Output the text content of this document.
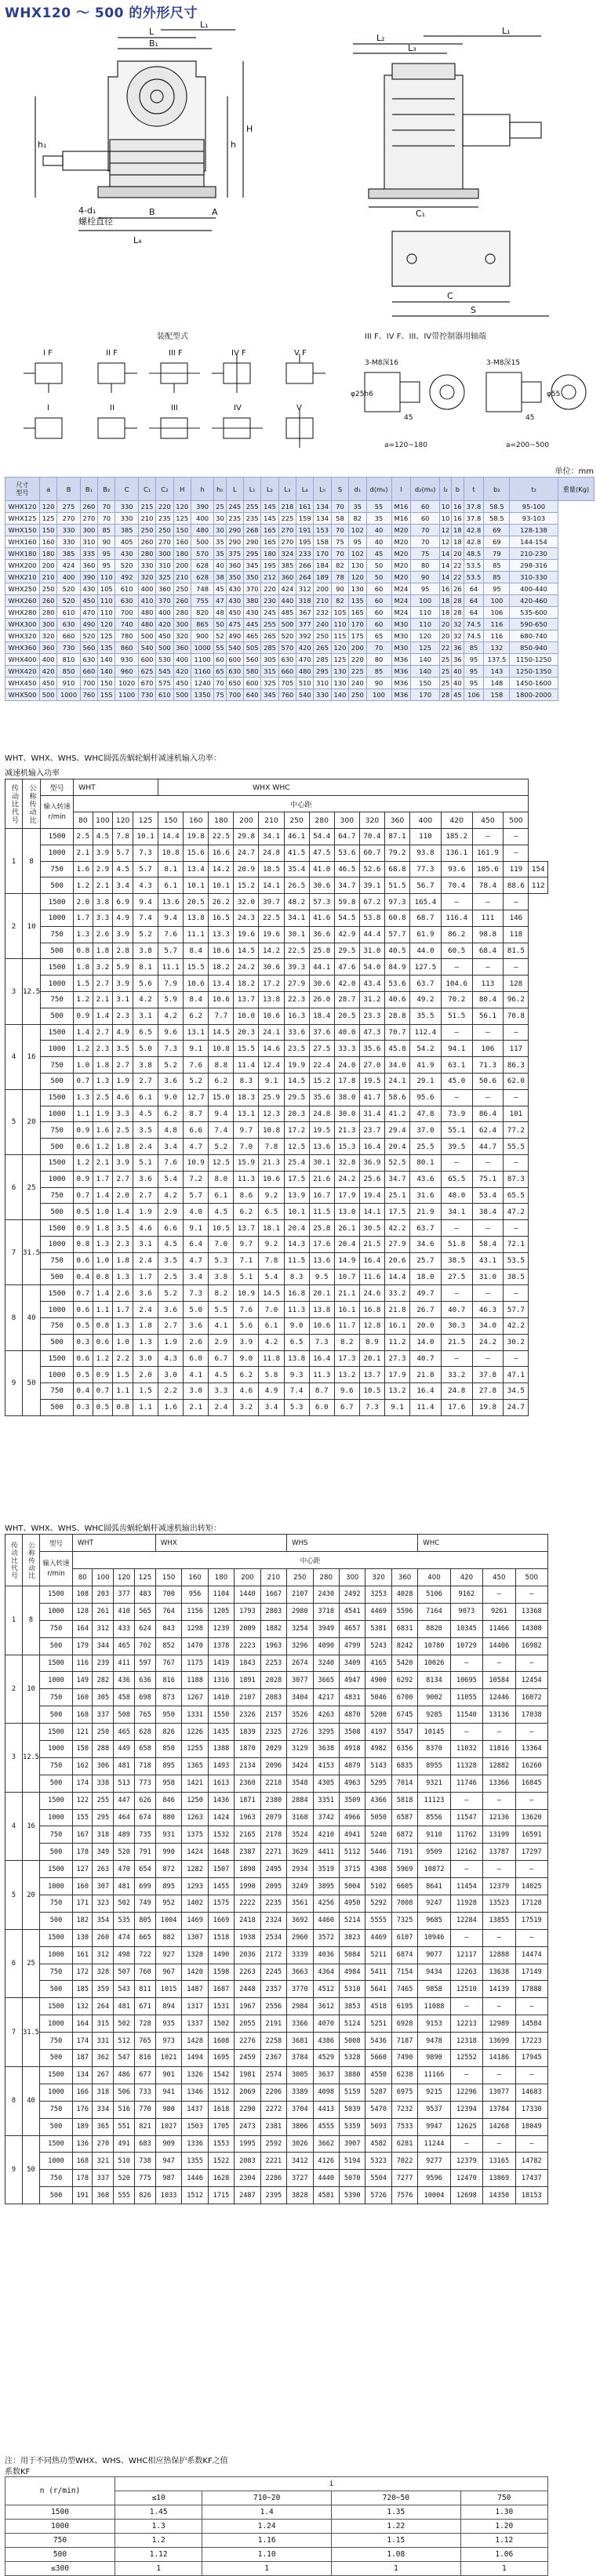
WHX120 ～ 500 的外形尺寸
L
B₁
L₁
h
H
h₁
B	A
4-d₁
螺栓直径
L₄
L₂
L₃
L₁
C₁
C
S
装配型式
I F	II F	III F	IV F	V F
I	II	III	IV	V
III F、IV F、III、IV带控制器用轴端
3-M8深16	3-M8深15
φ25h6	φ55
45	45
a=120~180	a=200~500
单位：mm
尺寸
型号	a	B	B₁	B₂	C	C₁	C₂	H	h	h₁	L	L₁	L₂	L₃	L₄	L₅	S	d₁	d(m₆)	l	d₂(m₆)	l₂	b	t	b₂	t₂	重量(Kg)
WHX120	120	275	260	70	330	215	220	120	390	25	245	255	145	218	161	134	70	35	55	M16	60	10	16	37.8	58.5	95-100	
WHX125	125	270	270	70	330	210	235	125	400	30	235	235	145	225	159	134	58	82	35	M16	60	10	16	37.8	58.5	93-103	
WHX150	150	330	300	85	385	250	250	150	480	30	290	268	165	270	191	153	70	102	40	M20	70	12	18	42.8	69	128-138	
WHX160	160	330	310	90	405	260	270	160	500	35	290	290	165	270	195	158	75	95	40	M20	70	12	18	42.8	69	144-154	
WHX180	180	385	335	95	430	280	300	180	570	35	375	295	180	324	233	170	70	102	45	M20	75	14	20	48.5	79	210-230	
WHX200	200	424	360	95	520	330	310	200	628	40	360	345	195	385	266	184	82	130	50	M20	80	14	22	53.5	85	298-316	
WHX210	210	400	390	110	492	320	325	210	628	38	350	350	212	360	264	189	78	120	50	M20	90	14	22	53.5	85	310-330	
WHX250	250	520	430	105	610	400	360	250	748	45	430	370	220	424	312	200	90	130	60	M24	95	16	26	64	95	400-440	
WHX260	260	520	450	110	630	410	370	260	755	47	430	380	230	440	318	210	82	135	60	M24	100	18	28	64	100	420-460	
WHX280	280	610	470	110	700	480	400	280	820	48	450	430	245	485	367	232	105	165	60	M24	110	18	28	64	106	535-600	
WHX300	300	630	490	120	740	480	420	300	865	50	475	445	255	500	377	240	110	170	60	M30	110	20	32	74.5	116	590-650	
WHX320	320	660	520	125	780	500	450	320	900	52	490	465	265	520	392	250	115	175	65	M30	120	20	32	74.5	116	680-740	
WHX360	360	730	560	135	860	540	500	360	1000	55	540	505	285	570	420	265	120	200	70	M30	125	22	36	85	132	850-940	
WHX400	400	810	630	140	930	600	530	400	1100	60	600	560	305	630	470	285	125	220	80	M36	140	25	36	95	137.5	1150-1250	
WHX420	420	850	660	140	960	625	545	420	1160	65	630	580	315	660	480	295	130	225	85	M36	140	25	40	95	143	1250-1350	
WHX450	450	910	700	150	1020	670	575	450	1240	70	650	600	325	705	510	310	130	240	90	M36	150	25	40	95	148	1450-1600	
WHX500	500	1000	760	155	1100	730	610	500	1350	75	700	640	345	760	540	330	140	250	100	M36	170	28	45	106	158	1800-2000	
WHT、WHX、WHS、WHC圆弧齿蜗轮蜗杆减速机输入功率：
减速机输入功率
传动比代号	公称传动比	型号	WHT				WHX WHC														
		输入转速r/min	中心距																		
			80	100	120	125	150	160	180	200	210	250	280	300	320	360	400	420	450	500	
1	8	1500	2.5	4.5	7.8	10.1	14.4	19.8	22.5	29.8	34.1	46.1	54.4	64.7	70.4	87.1	110	185.2	—	—	
		1000	2.1	3.9	5.7	7.3	10.8	15.6	16.6	24.7	24.8	41.5	47.5	53.6	60.7	79.2	93.8	136.1	161.9	—	
		750	1.6	2.9	4.5	5.7	8.1	13.4	14.2	20.9	18.5	35.4	41.0	46.5	52.6	68.8	77.3	93.6	105.6	119	154
		500	1.2	2.1	3.4	4.3	6.1	10.1	10.1	15.2	14.1	26.5	30.6	34.7	39.1	51.5	56.7	70.4	78.4	88.6	112
2	10	1500	2.0	3.8	6.9	9.4	13.6	20.5	26.2	32.0	39.7	48.2	57.3	59.8	67.2	97.3	165.4	—	—	—	
		1000	1.7	3.3	4.9	7.4	9.4	13.8	16.5	24.3	22.5	34.1	41.6	54.5	53.8	60.8	68.7	116.4	111	146	
		750	1.3	2.6	3.9	5.2	7.6	11.1	13.3	19.6	19.6	30.1	36.6	42.9	44.4	57.7	61.9	86.2	98.8	118	
		500	0.8	1.8	2.8	3.8	5.7	8.4	10.6	14.5	14.2	22.5	25.8	29.5	31.0	40.5	44.0	60.5	68.4	81.5	
3	12.5	1500	1.8	3.2	5.9	8.1	11.1	15.5	18.2	24.2	30.6	39.3	44.1	47.6	54.0	84.9	127.5	—	—	—	
		1000	1.5	2.7	3.9	5.6	7.9	10.6	13.4	18.2	17.2	27.9	30.6	42.0	43.4	53.6	63.7	104.6	113	128	
		750	1.2	2.1	3.1	4.2	5.9	8.4	10.6	13.7	13.8	22.3	26.0	28.7	31.2	40.6	49.2	70.2	80.4	96.2	
		500	0.9	1.4	2.3	3.1	4.2	6.2	7.7	10.0	10.6	16.3	18.4	20.5	23.3	28.8	35.5	51.5	56.1	70.8	
4	16	1500	1.4	2.7	4.9	6.5	9.6	13.1	14.5	20.3	24.1	33.6	37.6	40.0	47.3	70.7	112.4	—	—	—	
		1000	1.2	2.3	3.5	5.0	7.3	9.1	10.8	15.5	14.6	23.5	27.5	33.3	35.6	45.8	54.2	94.1	106	117	
		750	1.0	1.8	2.7	3.8	5.2	7.6	8.8	11.4	12.4	19.9	22.4	24.0	27.0	34.0	41.9	63.1	71.3	86.3	
		500	0.7	1.3	1.9	2.7	3.6	5.2	6.2	8.3	9.1	14.5	15.2	17.8	19.5	24.1	29.1	45.0	50.6	62.0	
5	20	1500	1.3	2.5	4.6	6.1	9.0	12.7	15.0	18.3	25.9	29.5	35.6	38.0	41.7	58.6	95.6	—	—	—	
		1000	1.1	1.9	3.3	4.5	6.2	8.7	9.4	13.1	12.3	20.3	24.8	30.0	31.4	41.2	47.8	73.9	86.4	101	
		750	0.9	1.6	2.5	3.5	4.8	6.6	7.4	9.7	10.8	17.2	19.5	21.3	23.7	29.4	37.0	55.1	62.4	77.2	
		500	0.6	1.2	1.8	2.4	3.4	4.7	5.2	7.0	7.8	12.5	13.6	15.3	16.4	20.4	25.5	39.5	44.7	55.5	
6	25	1500	1.2	2.1	3.9	5.1	7.6	10.9	12.5	15.9	21.3	25.4	30.1	32.8	36.9	52.5	80.1	—	—	—	
		1000	0.9	1.7	2.7	3.6	5.4	7.2	8.0	11.3	10.6	17.5	21.6	24.2	25.6	34.7	43.6	65.5	75.1	87.3	
		750	0.7	1.4	2.0	2.7	4.2	5.7	6.1	8.6	9.2	13.9	16.7	17.9	19.4	25.1	31.6	48.0	53.4	65.5	
		500	0.5	1.0	1.4	1.9	2.9	4.0	4.5	6.2	6.5	10.1	11.5	13.0	14.1	17.5	21.9	34.1	38.4	47.2	
7	31.5	1500	0.9	1.8	3.5	4.6	6.6	9.1	10.5	13.7	18.1	20.4	25.8	26.1	30.5	42.2	63.7	—	—	—	
		1000	0.8	1.3	2.3	3.1	4.5	6.4	7.0	9.7	9.2	14.3	17.6	20.4	21.5	27.9	34.6	51.8	58.4	72.1	
		750	0.6	1.0	1.8	2.4	3.5	4.7	5.3	7.1	7.8	11.5	13.6	14.9	16.4	20.6	25.7	38.5	43.1	53.5	
		500	0.4	0.8	1.3	1.7	2.5	3.4	3.8	5.1	5.4	8.3	9.5	10.7	11.6	14.4	18.0	27.5	31.0	38.5	
8	40	1500	0.7	1.4	2.6	3.6	5.2	7.3	8.2	10.9	14.5	16.8	20.1	21.1	24.6	33.2	49.7	—	—	—	
		1000	0.6	1.1	1.7	2.4	3.6	5.0	5.5	7.6	7.0	11.3	13.8	16.1	16.8	21.8	26.7	40.7	46.3	57.7	
		750	0.5	0.8	1.3	1.8	2.7	3.6	4.1	5.6	6.1	9.0	10.6	11.7	12.8	16.1	20.0	30.3	34.0	42.2	
		500	0.3	0.6	1.0	1.3	1.9	2.6	2.9	3.9	4.2	6.5	7.3	8.2	8.9	11.2	14.0	21.5	24.2	30.2	
9	50	1500	0.6	1.2	2.2	3.0	4.3	6.0	6.7	9.0	11.8	13.8	16.4	17.3	20.1	27.3	40.7	—	—	—	
		1000	0.5	0.9	1.5	2.0	3.0	4.1	4.5	6.2	5.8	9.3	11.3	13.2	13.7	17.9	21.8	33.2	37.8	47.1	
		750	0.4	0.7	1.1	1.5	2.2	3.0	3.3	4.6	4.9	7.4	8.7	9.6	10.5	13.2	16.4	24.8	27.8	34.5	
		500	0.3	0.5	0.8	1.1	1.6	2.1	2.4	3.2	3.4	5.3	6.0	6.7	7.3	9.1	11.4	17.6	19.8	24.7	
WHT、WHX、WHS、WHC圆弧齿蜗轮蜗杆减速机输出转矩：
传动比代号	公称传动比	型号	WHT				WHX					WHS					WHC			
		输入转速r/min	中心距																	
			80	100	120	125	150	160	180	200	210	250	280	300	320	360	400	420	450	500
1	8	1500	108	203	377	483	700	956	1104	1440	1667	2107	2430	2492	3253	4028	5106	9162	—	—
		1000	128	261	410	565	764	1156	1205	1793	2803	2980	3718	4541	4469	5596	7164	9073	9261	13368
		750	164	312	433	624	843	1298	1239	2009	1882	3254	3949	4657	5381	6831	8820	10345	11466	14308
		500	179	344	465	702	852	1470	1378	2223	1963	3296	4090	4799	5243	8242	10780	10729	14406	16982
2	10	1500	116	239	411	597	767	1175	1419	1843	2253	2674	3240	3409	4165	5420	10026	—	—	—
		1000	149	282	436	636	816	1188	1316	1891	2028	3077	3665	4947	4900	6292	8134	10695	10584	12454
		750	160	305	458	698	873	1267	1410	2107	2083	3404	4217	4831	5046	6700	9002	11055	12446	16072
		500	168	337	508	765	950	1331	1550	2326	2157	3526	4263	4870	5200	6745	9285	11540	13136	17038
3	12.5	1500	121	250	465	628	826	1226	1435	1839	2325	2726	3295	3508	4197	5547	10145	—	—	—
		1000	150	288	449	658	850	1255	1388	1870	2029	3129	3638	4918	4982	6356	8370	11032	11816	13364
		750	162	306	481	718	895	1365	1493	2134	2096	3424	4153	4879	5143	6835	8955	11328	12882	16260
		500	174	338	513	773	958	1421	1613	2360	2218	3548	4305	4963	5295	7014	9321	11746	13366	16845
4	16	1500	122	255	447	626	846	1250	1436	1871	2380	2884	3351	3509	4366	5818	11123	—	—	—
		1000	155	295	464	674	880	1263	1424	1963	2079	3168	3742	4966	5050	6587	8556	11547	12136	13620
		750	167	318	489	735	931	1375	1532	2165	2178	3524	4210	4941	5240	6872	9110	11762	13199	16591
		500	178	349	520	791	990	1424	1648	2387	2271	3629	4411	5112	5446	7191	9509	12162	13787	17297
5	20	1500	127	263	470	654	872	1282	1507	1898	2495	2934	3519	3715	4308	5969	10872	—	—	—
		1000	160	307	481	699	895	1293	1455	1990	2095	3249	3895	5004	5102	6605	8641	11454	12379	14025
		750	171	323	502	749	952	1402	1575	2222	2235	3561	4256	4950	5292	7008	9247	11928	13523	17128
		500	182	354	535	805	1004	1469	1669	2418	2324	3692	4460	5214	5555	7325	9685	12284	13855	17519
6	25	1500	130	260	474	665	882	1307	1518	1938	2534	2960	3572	3823	4469	6107	10946	—	—	—
		1000	161	312	498	722	927	1328	1490	2036	2172	3339	4036	5084	5211	6874	9077	12117	12888	14474
		750	172	328	507	760	967	1420	1598	2263	2245	3663	4364	4984	5411	7154	9434	12263	13638	17149
		500	185	359	543	811	1015	1487	1687	2448	2357	3770	4512	5310	5641	7465	9858	12510	14139	17888
7	31.5	1500	132	264	481	671	894	1317	1531	1967	2556	2984	3612	3853	4518	6195	11088	—	—	—
		1000	164	315	502	728	935	1337	1502	2055	2191	3366	4070	5124	5251	6928	9153	12213	12989	14584
		750	174	331	512	765	973	1428	1608	2276	2258	3681	4386	5008	5436	7187	9478	12318	13699	17223
		500	187	362	547	816	1021	1494	1695	2459	2367	3784	4529	5328	5660	7490	9890	12552	14186	17945
8	40	1500	134	267	486	677	901	1326	1542	1981	2574	3005	3637	3880	4550	6238	11166	—	—	—
		1000	166	318	506	733	941	1346	1512	2069	2206	3389	4098	5159	5287	6975	9215	12296	13077	14683
		750	176	334	516	770	980	1437	1618	2290	2272	3704	4413	5039	5470	7232	9537	12394	13784	17330
		500	189	365	551	821	1027	1503	1705	2473	2381	3806	4555	5359	5693	7533	9947	12625	14268	18049
9	50	1500	136	270	491	683	909	1336	1553	1995	2592	3026	3662	3907	4582	6281	11244	—	—	—
		1000	168	321	510	738	947	1355	1522	2083	2221	3412	4126	5194	5323	7022	9277	12379	13165	14782
		750	178	337	520	775	987	1446	1628	2304	2286	3727	4440	5070	5504	7277	9596	12470	13869	17437
		500	191	368	555	826	1033	1512	1715	2487	2395	3828	4581	5390	5726	7576	10004	12698	14350	18153
注：用于不同热功型WHX、WHS、WHC相应热保护系数KF之值
系数KF
n (r/min)	i			
	≤10	710~20	720~50	750
1500	1.45	1.4	1.35	1.30
1000	1.3	1.24	1.22	1.20
750	1.2	1.16	1.15	1.12
500	1.12	1.10	1.08	1.06
≤300	1	1	1	1
